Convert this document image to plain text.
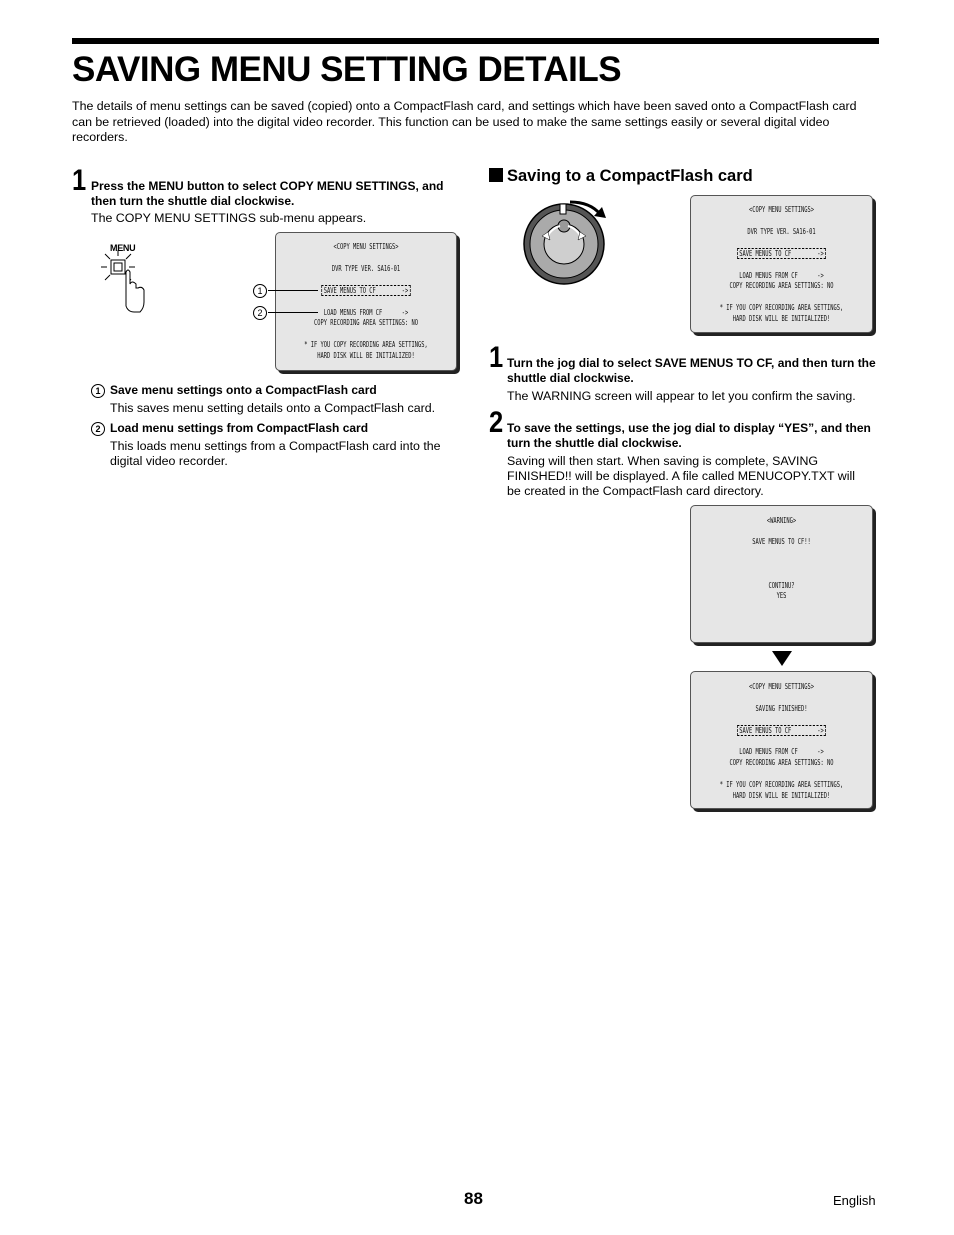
SAVING MENU SETTING DETAILS
The details of menu settings can be saved (copied) onto a CompactFlash card, and settings which have been saved onto a CompactFlash card can be retrieved (loaded) into the digital video recorder. This function can be used to make the same settings easily or several digital video recorders.
1 Press the MENU button to select COPY MENU SETTINGS, and then turn the shuttle dial clockwise.
The COPY MENU SETTINGS sub-menu appears.
MENU	<COPY MENU SETTINGS>
DVR TYPE VER. SA16-01
SAVE MENUS TO CF        ->
LOAD MENUS FROM CF      ->
COPY RECORDING AREA SETTINGS: NO
* IF YOU COPY RECORDING AREA SETTINGS,
HARD DISK WILL BE INITIALIZED!
1
2
1 Save menu settings onto a CompactFlash card
This saves menu setting details onto a CompactFlash card.
2 Load menu settings from CompactFlash card
This loads menu settings from a CompactFlash card into the digital video recorder.
Saving to a CompactFlash card
<COPY MENU SETTINGS>
DVR TYPE VER. SA16-01
SAVE MENUS TO CF        ->
LOAD MENUS FROM CF      ->
COPY RECORDING AREA SETTINGS: NO
* IF YOU COPY RECORDING AREA SETTINGS,
HARD DISK WILL BE INITIALIZED!
1 Turn the jog dial to select SAVE MENUS TO CF, and then turn the shuttle dial clockwise.
The WARNING screen will appear to let you confirm the saving.
2 To save the settings, use the jog dial to display “YES”, and then turn the shuttle dial clockwise.
Saving will then start. When saving is complete, SAVING FINISHED!! will be displayed. A file called MENUCOPY.TXT will be created in the CompactFlash card directory.
<WARNING>
SAVE MENUS TO CF!!
CONTINU?
YES
<COPY MENU SETTINGS>
SAVING FINISHED!
SAVE MENUS TO CF        ->
LOAD MENUS FROM CF      ->
COPY RECORDING AREA SETTINGS: NO
* IF YOU COPY RECORDING AREA SETTINGS,
HARD DISK WILL BE INITIALIZED!
88	English
